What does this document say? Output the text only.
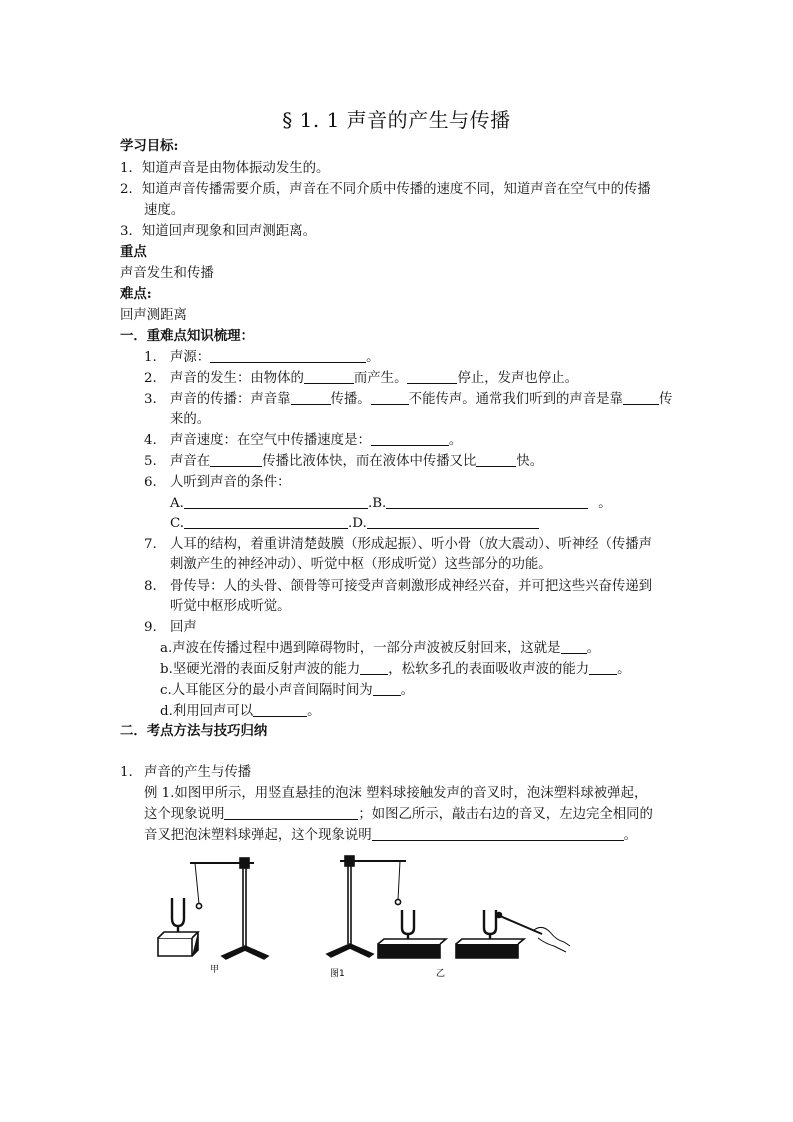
§ 1. 1 声音的产生与传播
学习目标:
1．知道声音是由物体振动发生的。
2．知道声音传播需要介质，声音在不同介质中传播的速度不同，知道声音在空气中的传播
速度。
3．知道回声现象和回声测距离。
重点
声音发生和传播
难点:
回声测距离
一．重难点知识梳理：
1. 声源：	。
2. 声音的发生：由物体的	而产生。	停止，发声也停止。
3. 声音的传播：声音靠	传播。	不能传声。通常我们听到的声音是靠	传
来的。
4. 声音速度：在空气中传播速度是：	。
5. 声音在	传播比液体快，而在液体中传播又比	快。
6. 人听到声音的条件：
A.	.B.	。
C.	.D.
7. 人耳的结构，着重讲清楚鼓膜（形成起振）、听小骨（放大震动）、听神经（传播声
刺激产生的神经冲动）、听觉中枢（形成听觉）这些部分的功能。
8. 骨传导：人的头骨、颌骨等可接受声音刺激形成神经兴奋，并可把这些兴奋传递到
听觉中枢形成听觉。
9. 回声
a.声波在传播过程中遇到障碍物时，一部分声波被反射回来，这就是 。
b.坚硬光滑的表面反射声波的能力 ，松软多孔的表面吸收声波的能力 。
c.人耳能区分的最小声音间隔时间为 。
d.利用回声可以	。
二．考点方法与技巧归纳
1. 声音的产生与传播
例 1.如图甲所示，用竖直悬挂的泡沫 塑料球接触发声的音叉时，泡沫塑料球被弹起，
这个现象说明	；如图乙所示，敲击右边的音叉，左边完全相同的
音叉把泡沫塑料球弹起，这个现象说明	。
甲	图1	乙
